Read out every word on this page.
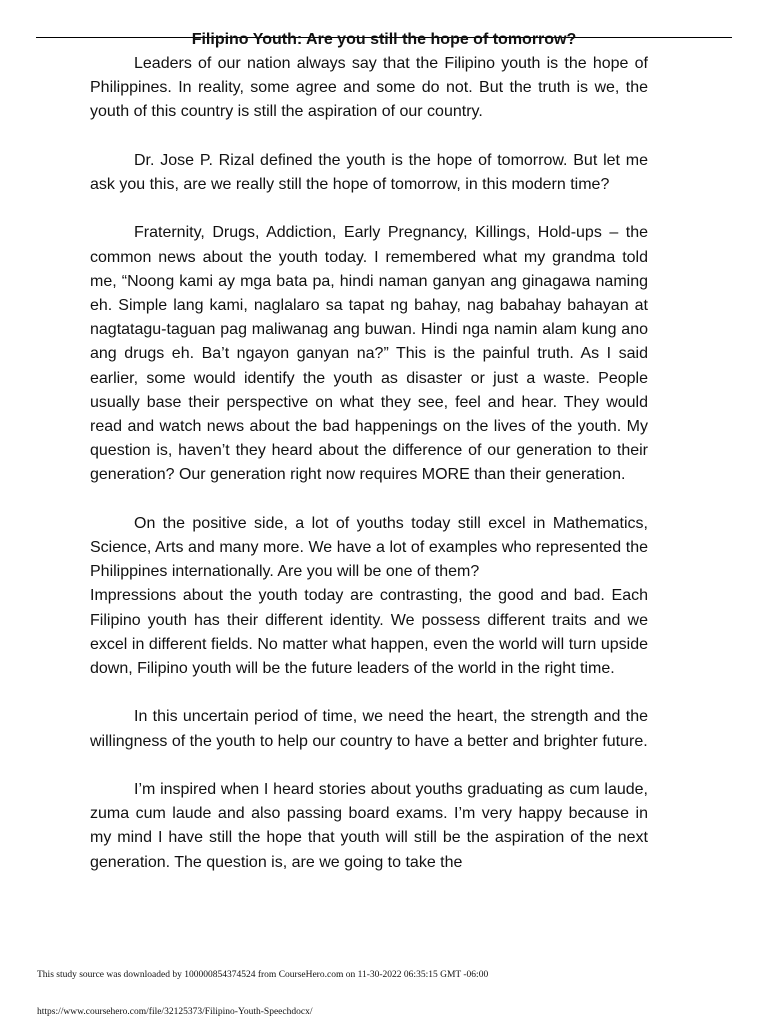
Filipino Youth: Are you still the hope of tomorrow?

Leaders of our nation always say that the Filipino youth is the hope of Philippines. In reality, some agree and some do not. But the truth is we, the youth of this country is still the aspiration of our country.

Dr. Jose P. Rizal defined the youth is the hope of tomorrow. But let me ask you this, are we really still the hope of tomorrow, in this modern time?

Fraternity, Drugs, Addiction, Early Pregnancy, Killings, Hold-ups – the common news about the youth today. I remembered what my grandma told me, “Noong kami ay mga bata pa, hindi naman ganyan ang ginagawa naming eh. Simple lang kami, naglalaro sa tapat ng bahay, nag babahay bahayan at nagtatagu-taguan pag maliwanag ang buwan. Hindi nga namin alam kung ano ang drugs eh. Ba’t ngayon ganyan na?” This is the painful truth. As I said earlier, some would identify the youth as disaster or just a waste. People usually base their perspective on what they see, feel and hear. They would read and watch news about the bad happenings on the lives of the youth. My question is, haven’t they heard about the difference of our generation to their generation? Our generation right now requires MORE than their generation.

On the positive side, a lot of youths today still excel in Mathematics, Science, Arts and many more. We have a lot of examples who represented the Philippines internationally. Are you will be one of them?

Impressions about the youth today are contrasting, the good and bad. Each Filipino youth has their different identity. We possess different traits and we excel in different fields. No matter what happen, even the world will turn upside down, Filipino youth will be the future leaders of the world in the right time.

In this uncertain period of time, we need the heart, the strength and the willingness of the youth to help our country to have a better and brighter future.

I’m inspired when I heard stories about youths graduating as cum laude, zuma cum laude and also passing board exams. I’m very happy because in my mind I have still the hope that youth will still be the aspiration of the next generation. The question is, are we going to take the

This study source was downloaded by 100000854374524 from CourseHero.com on 11-30-2022 06:35:15 GMT -06:00
https://www.coursehero.com/file/32125373/Filipino-Youth-Speechdocx/
